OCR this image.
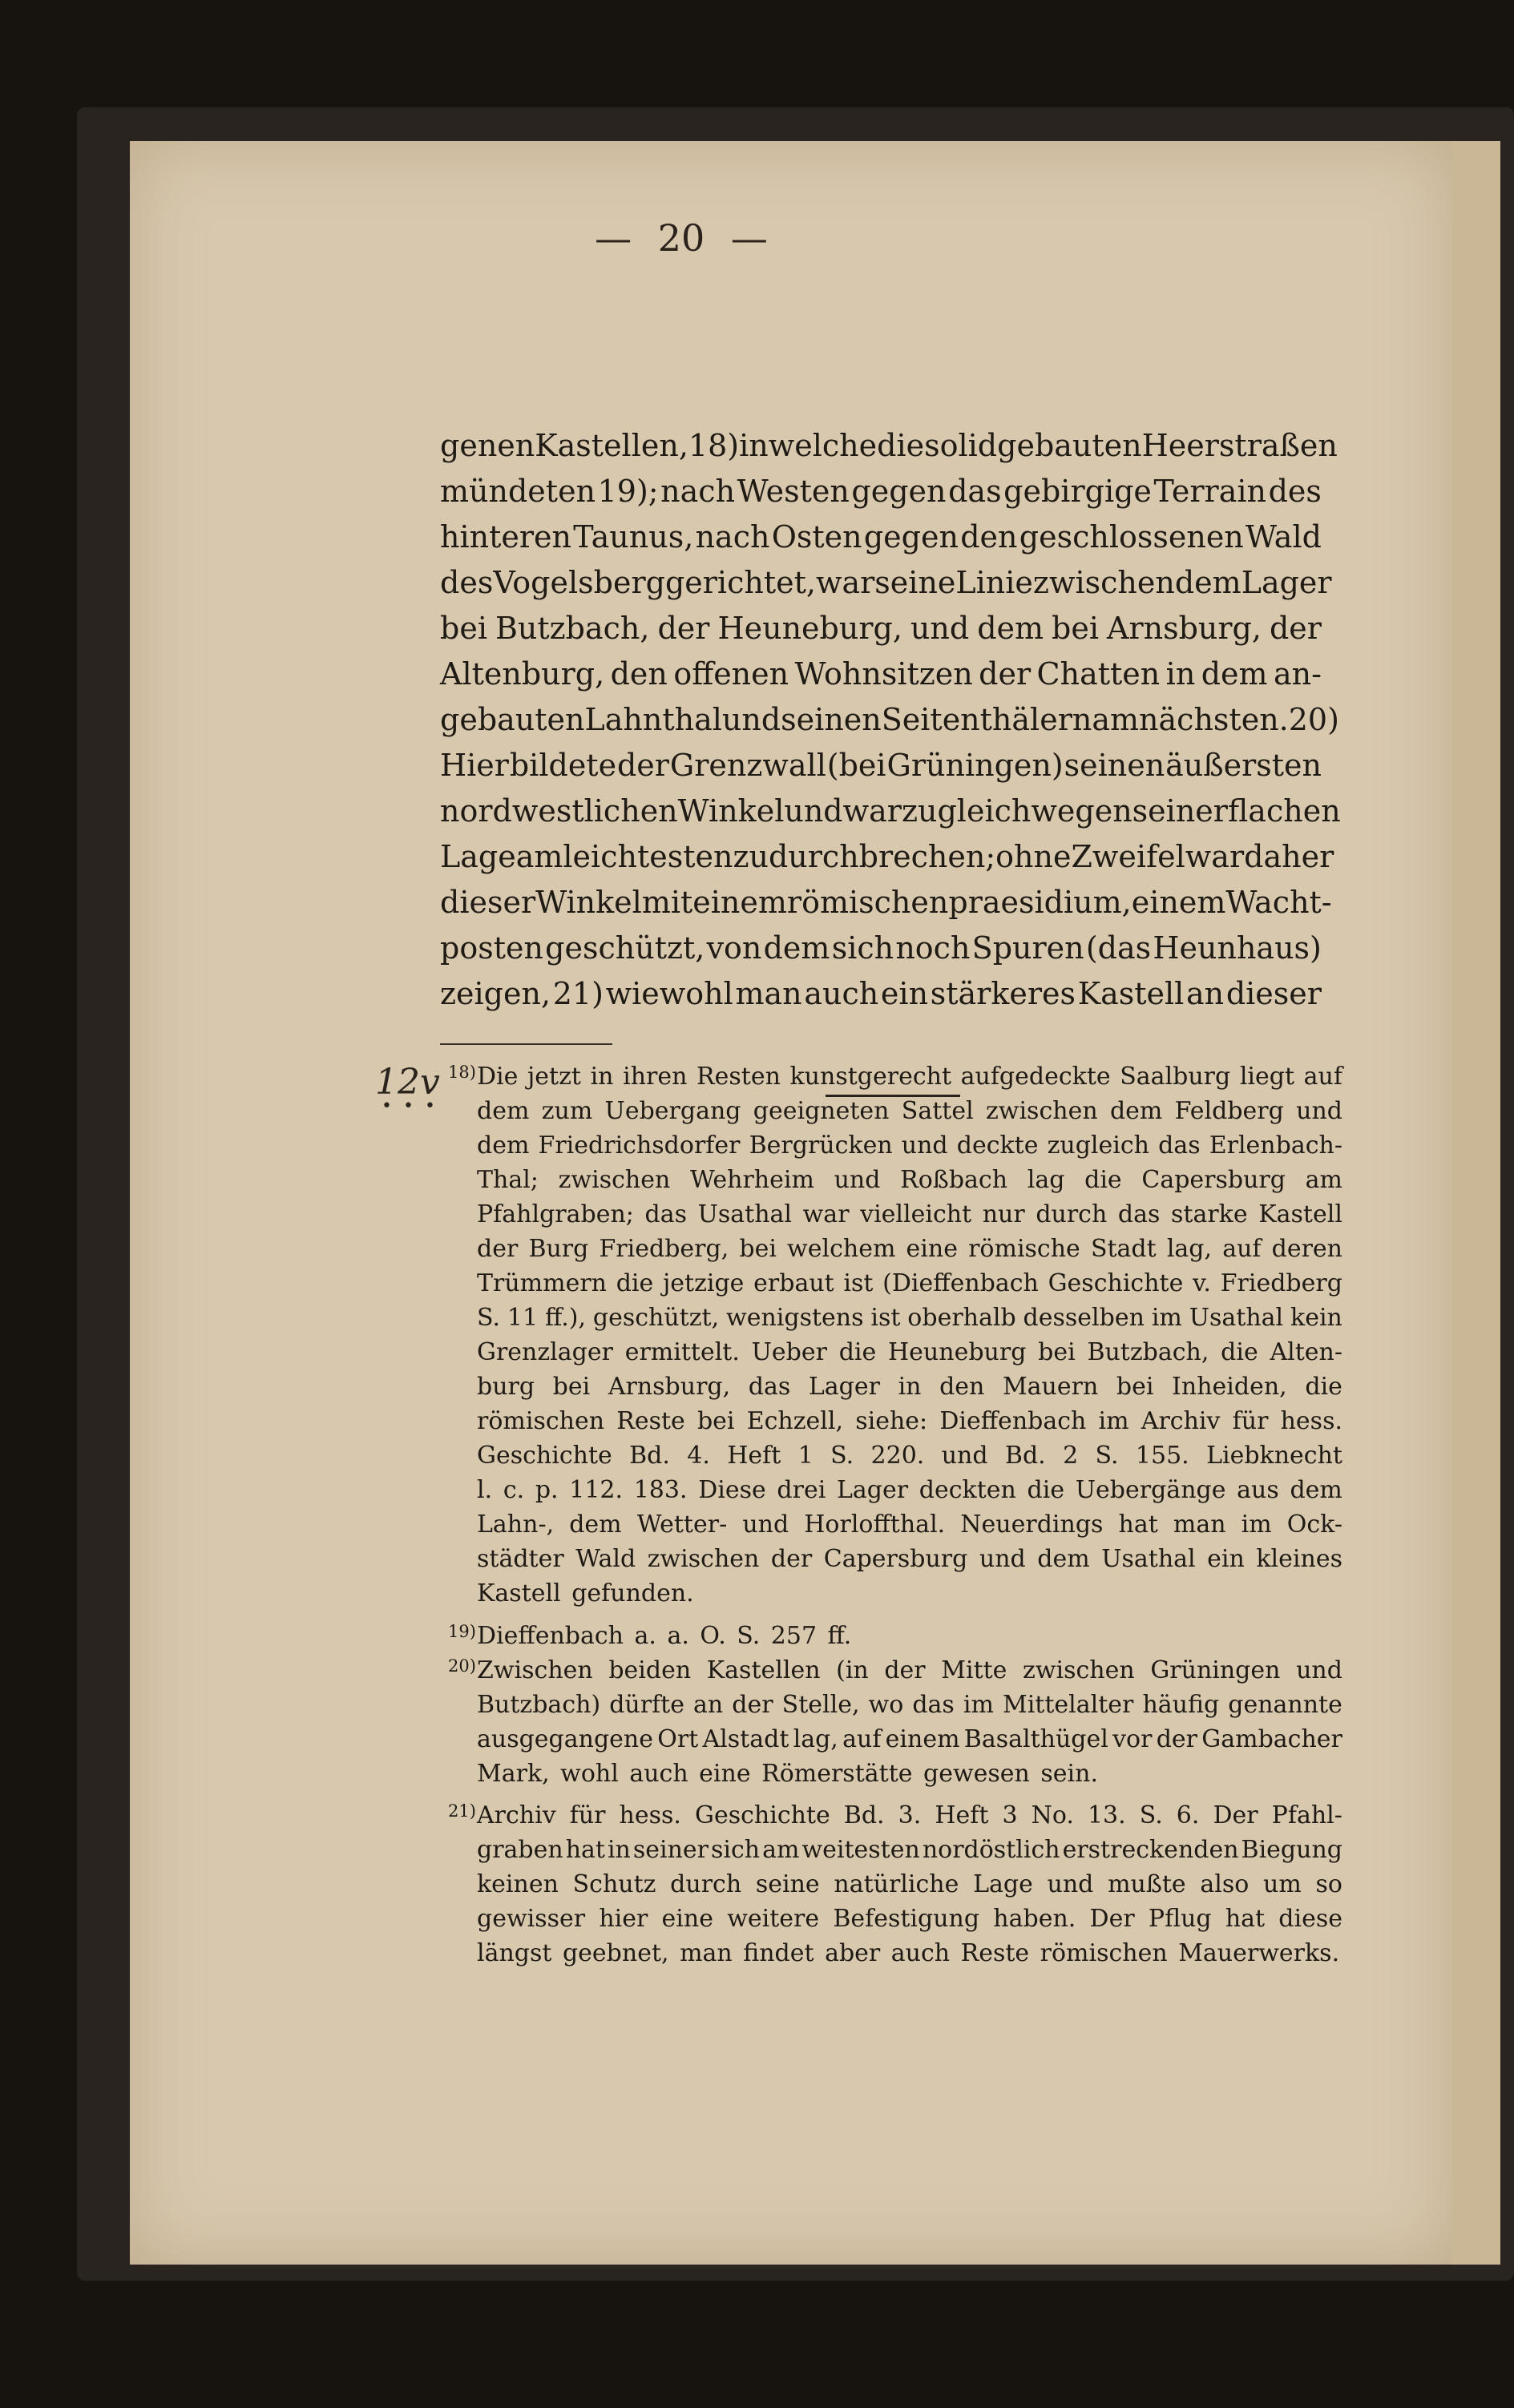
— 20 —
genen Kastellen, 18) in welche die solid gebauten Heerstraßen
mündeten 19); nach Westen gegen das gebirgige Terrain des
hinteren Taunus, nach Osten gegen den geschlossenen Wald
des Vogelsberg gerichtet, war seine Linie zwischen dem Lager
bei Butzbach, der Heuneburg, und dem bei Arnsburg, der
Altenburg, den offenen Wohnsitzen der Chatten in dem an-
gebauten Lahnthal und seinen Seitenthälern am nächsten. 20)
Hier bildete der Grenzwall (bei Grüningen) seinen äußersten
nordwestlichen Winkel und war zugleich wegen seiner flachen
Lage am leichtesten zu durchbrechen; ohne Zweifel war daher
dieser Winkel mit einem römischen praesidium, einem Wacht-
posten geschützt, von dem sich noch Spuren (das Heunhaus)
zeigen, 21) wiewohl man auch ein stärkeres Kastell an dieser
12v
•••
18) Die jetzt in ihren Resten kunstgerecht aufgedeckte Saalburg liegt auf
dem zum Uebergang geeigneten Sattel zwischen dem Feldberg und
dem Friedrichsdorfer Bergrücken und deckte zugleich das Erlenbach-
Thal; zwischen Wehrheim und Roßbach lag die Capersburg am
Pfahlgraben; das Usathal war vielleicht nur durch das starke Kastell
der Burg Friedberg, bei welchem eine römische Stadt lag, auf deren
Trümmern die jetzige erbaut ist (Dieffenbach Geschichte v. Friedberg
S. 11 ff.), geschützt, wenigstens ist oberhalb desselben im Usathal kein
Grenzlager ermittelt. Ueber die Heuneburg bei Butzbach, die Alten-
burg bei Arnsburg, das Lager in den Mauern bei Inheiden, die
römischen Reste bei Echzell, siehe: Dieffenbach im Archiv für hess.
Geschichte Bd. 4. Heft 1 S. 220. und Bd. 2 S. 155. Liebknecht
l. c. p. 112. 183. Diese drei Lager deckten die Uebergänge aus dem
Lahn-, dem Wetter- und Horloffthal. Neuerdings hat man im Ock-
städter Wald zwischen der Capersburg und dem Usathal ein kleines
Kastell gefunden.
19) Dieffenbach a. a. O. S. 257 ff.
20) Zwischen beiden Kastellen (in der Mitte zwischen Grüningen und
Butzbach) dürfte an der Stelle, wo das im Mittelalter häufig genannte
ausgegangene Ort Alstadt lag, auf einem Basalthügel vor der Gambacher
Mark, wohl auch eine Römerstätte gewesen sein.
21) Archiv für hess. Geschichte Bd. 3. Heft 3 No. 13. S. 6. Der Pfahl-
graben hat in seiner sich am weitesten nordöstlich erstreckenden Biegung
keinen Schutz durch seine natürliche Lage und mußte also um so
gewisser hier eine weitere Befestigung haben. Der Pflug hat diese
längst geebnet, man findet aber auch Reste römischen Mauerwerks.
